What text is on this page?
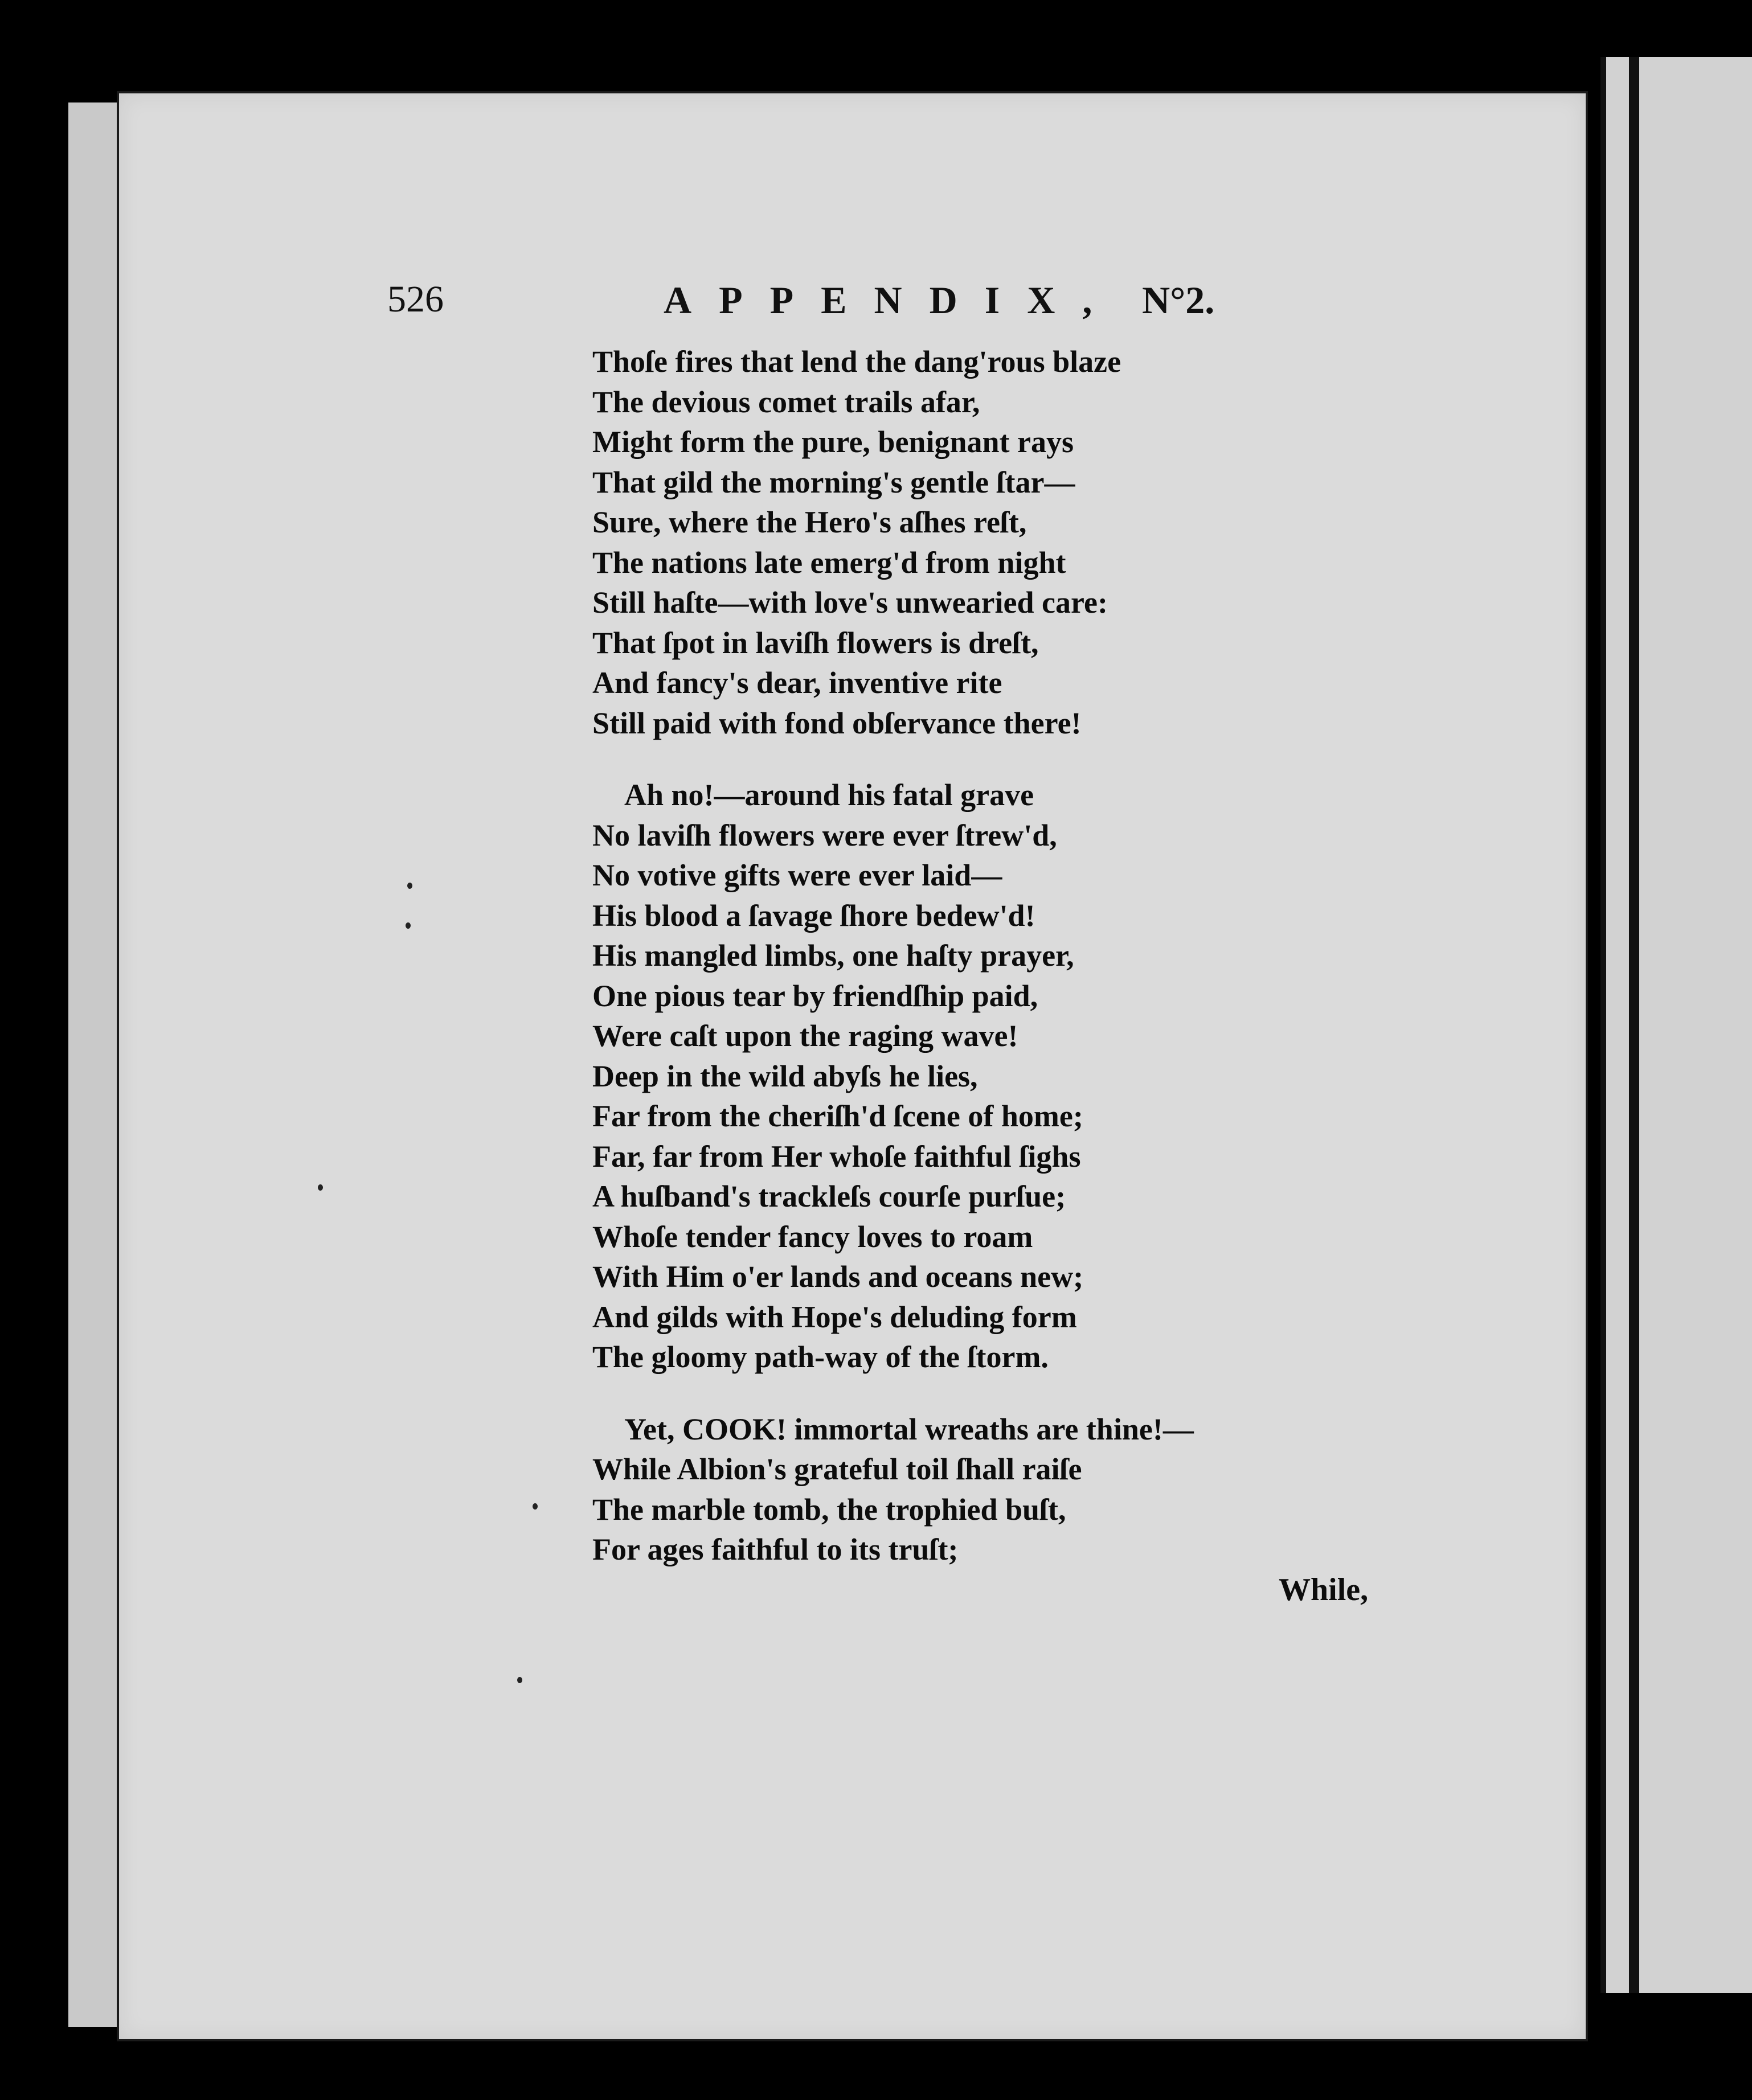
526	APPENDIX, N°2.
Thoſe fires that lend the dang'rous blaze
The devious comet trails afar,
Might form the pure, benignant rays
That gild the morning's gentle ſtar—
Sure, where the Hero's aſhes reſt,
The nations late emerg'd from night
Still haſte—with love's unwearied care:
That ſpot in laviſh flowers is dreſt,
And fancy's dear, inventive rite
Still paid with fond obſervance there!
Ah no!—around his fatal grave
No laviſh flowers were ever ſtrew'd,
No votive gifts were ever laid—
His blood a ſavage ſhore bedew'd!
His mangled limbs, one haſty prayer,
One pious tear by friendſhip paid,
Were caſt upon the raging wave!
Deep in the wild abyſs he lies,
Far from the cheriſh'd ſcene of home;
Far, far from Her whoſe faithful ſighs
A huſband's trackleſs courſe purſue;
Whoſe tender fancy loves to roam
With Him o'er lands and oceans new;
And gilds with Hope's deluding form
The gloomy path-way of the ſtorm.
Yet, COOK! immortal wreaths are thine!—
While Albion's grateful toil ſhall raiſe
The marble tomb, the trophied buſt,
For ages faithful to its truſt;
While,
